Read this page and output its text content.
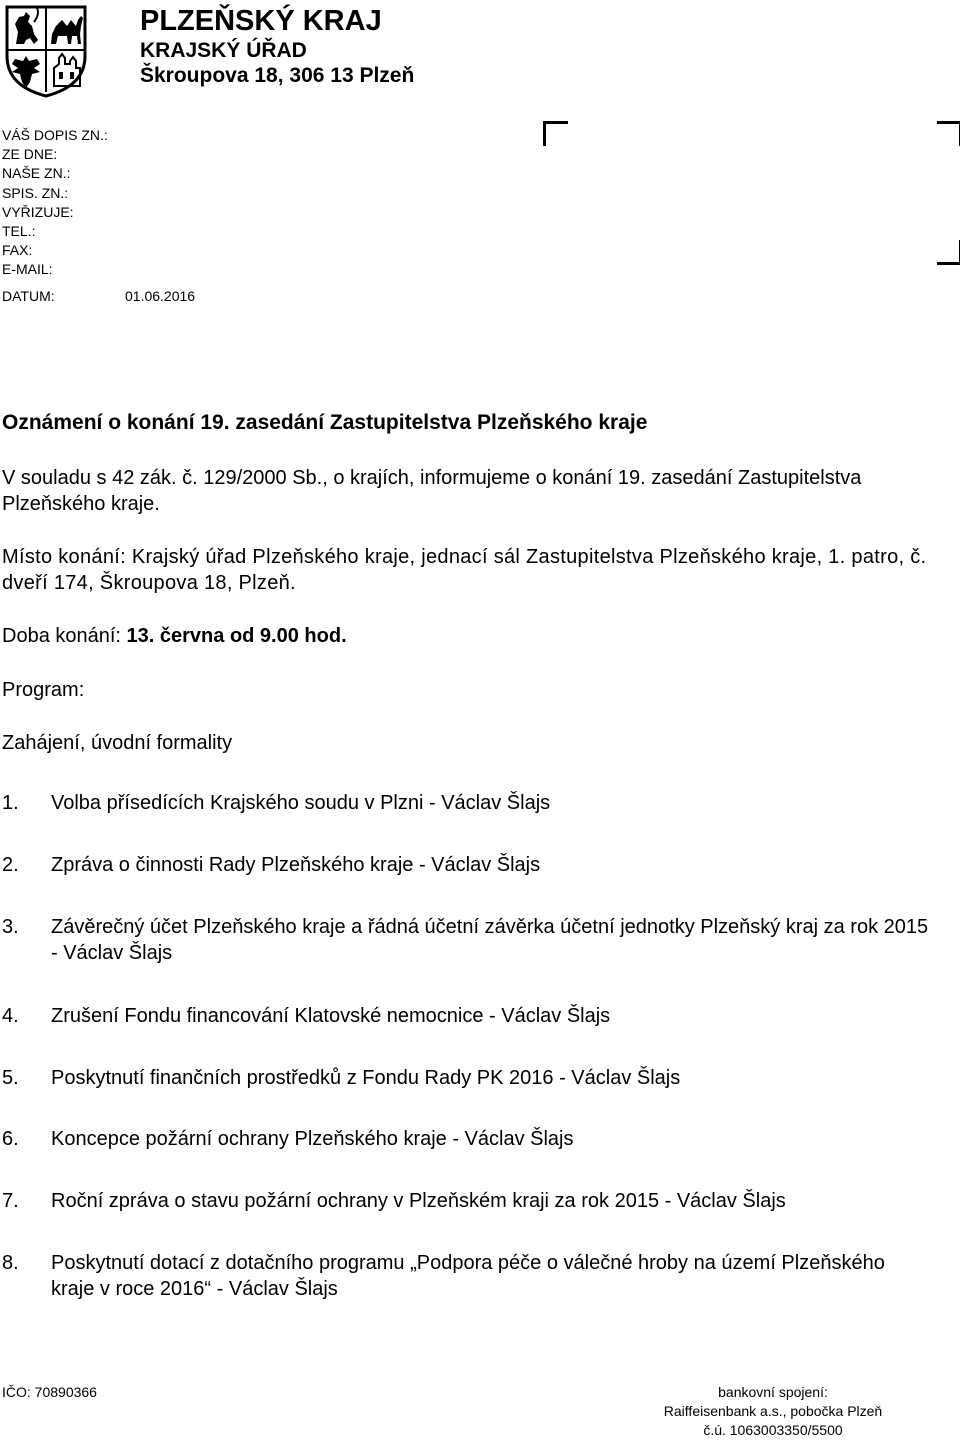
PLZEŇSKÝ KRAJ
KRAJSKÝ ÚŘAD
Škroupova 18, 306 13 Plzeň
VÁŠ DOPIS ZN.:
ZE DNE:
NAŠE ZN.:
SPIS. ZN.:
VYŘIZUJE:
TEL.:
FAX:
E-MAIL:
DATUM:	01.06.2016
Oznámení o konání 19. zasedání Zastupitelstva Plzeňského kraje
V souladu s 42 zák. č. 129/2000 Sb., o krajích, informujeme o konání 19. zasedání Zastupitelstva Plzeňského kraje.
Místo konání: Krajský úřad Plzeňského kraje, jednací sál Zastupitelstva Plzeňského kraje, 1. patro, č. dveří 174, Škroupova 18, Plzeň.
Doba konání: 13. června od 9.00 hod.
Program:
Zahájení, úvodní formality
1. Volba přísedících Krajského soudu v Plzni - Václav Šlajs
2. Zpráva o činnosti Rady Plzeňského kraje - Václav Šlajs
3. Závěrečný účet Plzeňského kraje a řádná účetní závěrka účetní jednotky Plzeňský kraj za rok 2015 - Václav Šlajs
4. Zrušení Fondu financování Klatovské nemocnice - Václav Šlajs
5. Poskytnutí finančních prostředků z Fondu Rady PK 2016 - Václav Šlajs
6. Koncepce požární ochrany Plzeňského kraje - Václav Šlajs
7. Roční zpráva o stavu požární ochrany v Plzeňském kraji za rok 2015 - Václav Šlajs
8. Poskytnutí dotací z dotačního programu „Podpora péče o válečné hroby na území Plzeňského kraje v roce 2016“ - Václav Šlajs
IČO: 70890366	bankovní spojení:
Raiffeisenbank a.s., pobočka Plzeň
č.ú. 1063003350/5500
